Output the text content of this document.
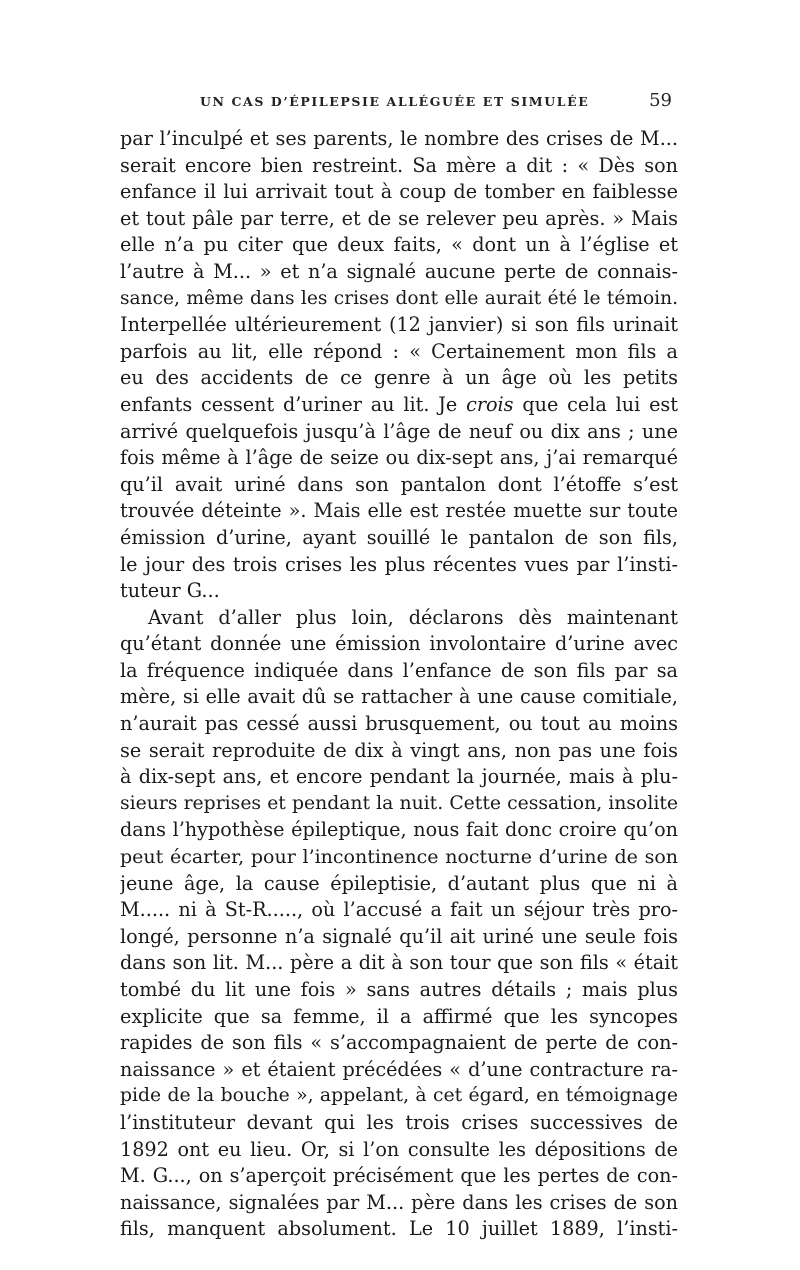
UN CAS D’ÉPILEPSIE ALLÉGUÉE ET SIMULÉE	59
par l’inculpé et ses parents, le nombre des crises de M...
serait encore bien restreint. Sa mère a dit : « Dès son
enfance il lui arrivait tout à coup de tomber en faiblesse
et tout pâle par terre, et de se relever peu après. » Mais
elle n’a pu citer que deux faits, « dont un à l’église et
l’autre à M... » et n’a signalé aucune perte de connais-
sance, même dans les crises dont elle aurait été le témoin.
Interpellée ultérieurement (12 janvier) si son fils urinait
parfois au lit, elle répond : « Certainement mon fils a
eu des accidents de ce genre à un âge où les petits
enfants cessent d’uriner au lit. Je crois que cela lui est
arrivé quelquefois jusqu’à l’âge de neuf ou dix ans ; une
fois même à l’âge de seize ou dix-sept ans, j’ai remarqué
qu’il avait uriné dans son pantalon dont l’étoffe s’est
trouvée déteinte ». Mais elle est restée muette sur toute
émission d’urine, ayant souillé le pantalon de son fils,
le jour des trois crises les plus récentes vues par l’insti-
tuteur G...
Avant d’aller plus loin, déclarons dès maintenant
qu’étant donnée une émission involontaire d’urine avec
la fréquence indiquée dans l’enfance de son fils par sa
mère, si elle avait dû se rattacher à une cause comitiale,
n’aurait pas cessé aussi brusquement, ou tout au moins
se serait reproduite de dix à vingt ans, non pas une fois
à dix-sept ans, et encore pendant la journée, mais à plu-
sieurs reprises et pendant la nuit. Cette cessation, insolite
dans l’hypothèse épileptique, nous fait donc croire qu’on
peut écarter, pour l’incontinence nocturne d’urine de son
jeune âge, la cause épileptisie, d’autant plus que ni à
M..... ni à St-R....., où l’accusé a fait un séjour très pro-
longé, personne n’a signalé qu’il ait uriné une seule fois
dans son lit. M... père a dit à son tour que son fils « était
tombé du lit une fois » sans autres détails ; mais plus
explicite que sa femme, il a affirmé que les syncopes
rapides de son fils « s’accompagnaient de perte de con-
naissance » et étaient précédées « d’une contracture ra-
pide de la bouche », appelant, à cet égard, en témoignage
l’instituteur devant qui les trois crises successives de
1892 ont eu lieu. Or, si l’on consulte les dépositions de
M. G..., on s’aperçoit précisément que les pertes de con-
naissance, signalées par M... père dans les crises de son
fils, manquent absolument. Le 10 juillet 1889, l’insti-
